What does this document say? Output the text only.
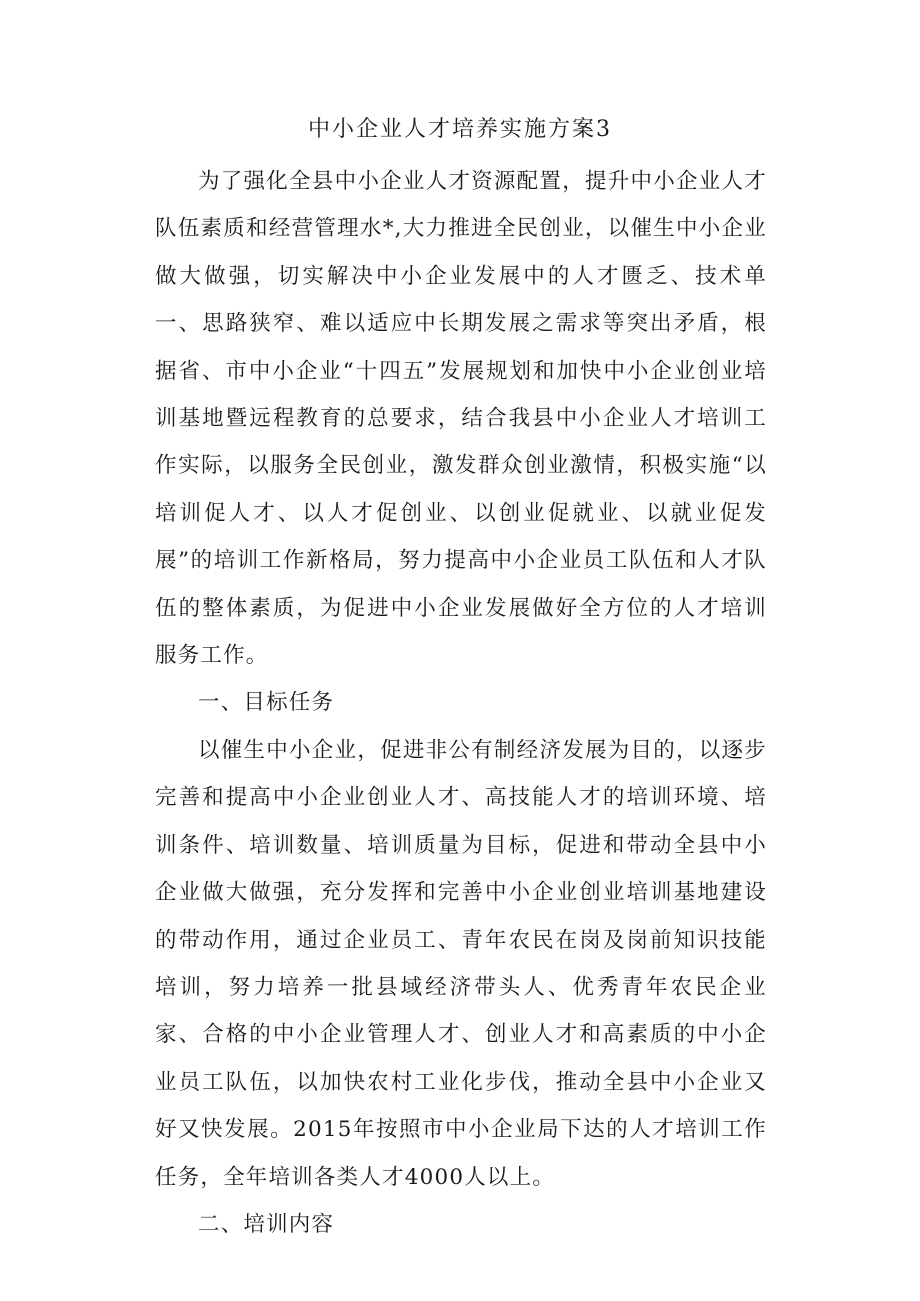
中小企业人才培养实施方案3

为了强化全县中小企业人才资源配置，提升中小企业人才队伍素质和经营管理水*,大力推进全民创业，以催生中小企业做大做强，切实解决中小企业发展中的人才匮乏、技术单一、思路狭窄、难以适应中长期发展之需求等突出矛盾，根据省、市中小企业“十四五”发展规划和加快中小企业创业培训基地暨远程教育的总要求，结合我县中小企业人才培训工作实际，以服务全民创业，激发群众创业激情，积极实施“以培训促人才、以人才促创业、以创业促就业、以就业促发展”的培训工作新格局，努力提高中小企业员工队伍和人才队伍的整体素质，为促进中小企业发展做好全方位的人才培训服务工作。

一、目标任务

以催生中小企业，促进非公有制经济发展为目的，以逐步完善和提高中小企业创业人才、高技能人才的培训环境、培训条件、培训数量、培训质量为目标，促进和带动全县中小企业做大做强，充分发挥和完善中小企业创业培训基地建设的带动作用，通过企业员工、青年农民在岗及岗前知识技能培训，努力培养一批县域经济带头人、优秀青年农民企业家、合格的中小企业管理人才、创业人才和高素质的中小企业员工队伍，以加快农村工业化步伐，推动全县中小企业又好又快发展。2015年按照市中小企业局下达的人才培训工作任务，全年培训各类人才4000人以上。

二、培训内容
